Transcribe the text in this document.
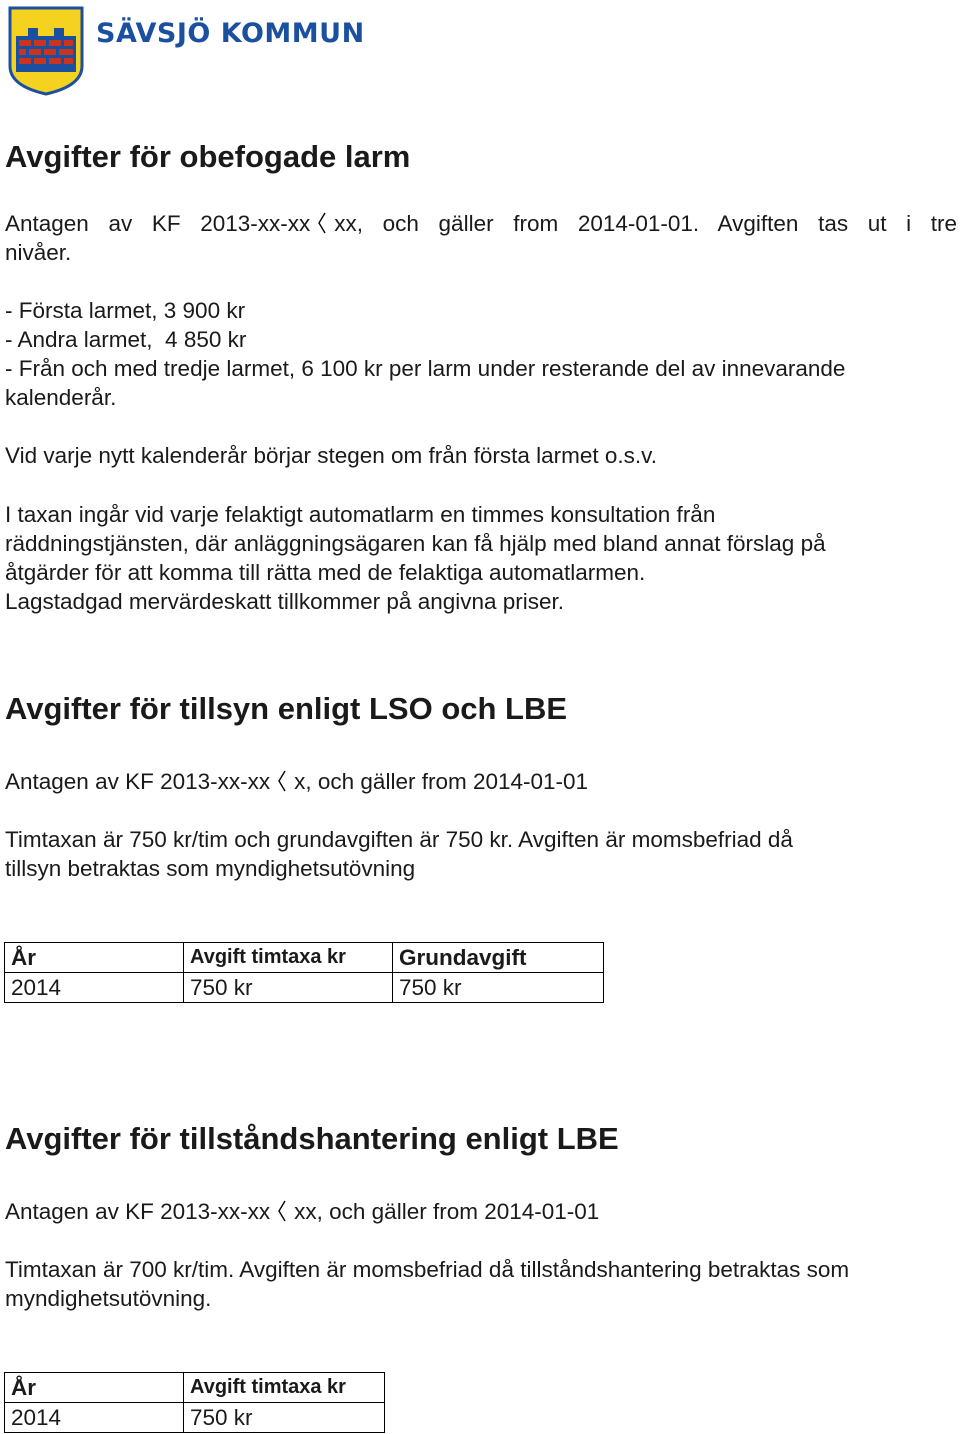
SÄVSJÖ KOMMUN
Avgifter för obefogade larm

Antagen av KF 2013-xx-xx xx, och gäller from 2014-01-01. Avgiften tas ut i tre

nivåer.

- Första larmet, 3 900 kr

- Andra larmet,  4 850 kr

- Från och med tredje larmet, 6 100 kr per larm under resterande del av innevarande

kalenderår.

Vid varje nytt kalenderår börjar stegen om från första larmet o.s.v.

I taxan ingår vid varje felaktigt automatlarm en timmes konsultation från

räddningstjänsten, där anläggningsägaren kan få hjälp med bland annat förslag på

åtgärder för att komma till rätta med de felaktiga automatlarmen.

Lagstadgad mervärdeskatt tillkommer på angivna priser.

Avgifter för tillsyn enligt LSO och LBE

Antagen av KF 2013-xx-xx x, och gäller from 2014-01-01

Timtaxan är 750 kr/tim och grundavgiften är 750 kr. Avgiften är momsbefriad då

tillsyn betraktas som myndighetsutövning

År	Avgift timtaxa kr	Grundavgift
2014	750 kr	750 kr
Avgifter för tillståndshantering enligt LBE

Antagen av KF 2013-xx-xx xx, och gäller from 2014-01-01

Timtaxan är 700 kr/tim. Avgiften är momsbefriad då tillståndshantering betraktas som

myndighetsutövning.

År	Avgift timtaxa kr
2014	750 kr
